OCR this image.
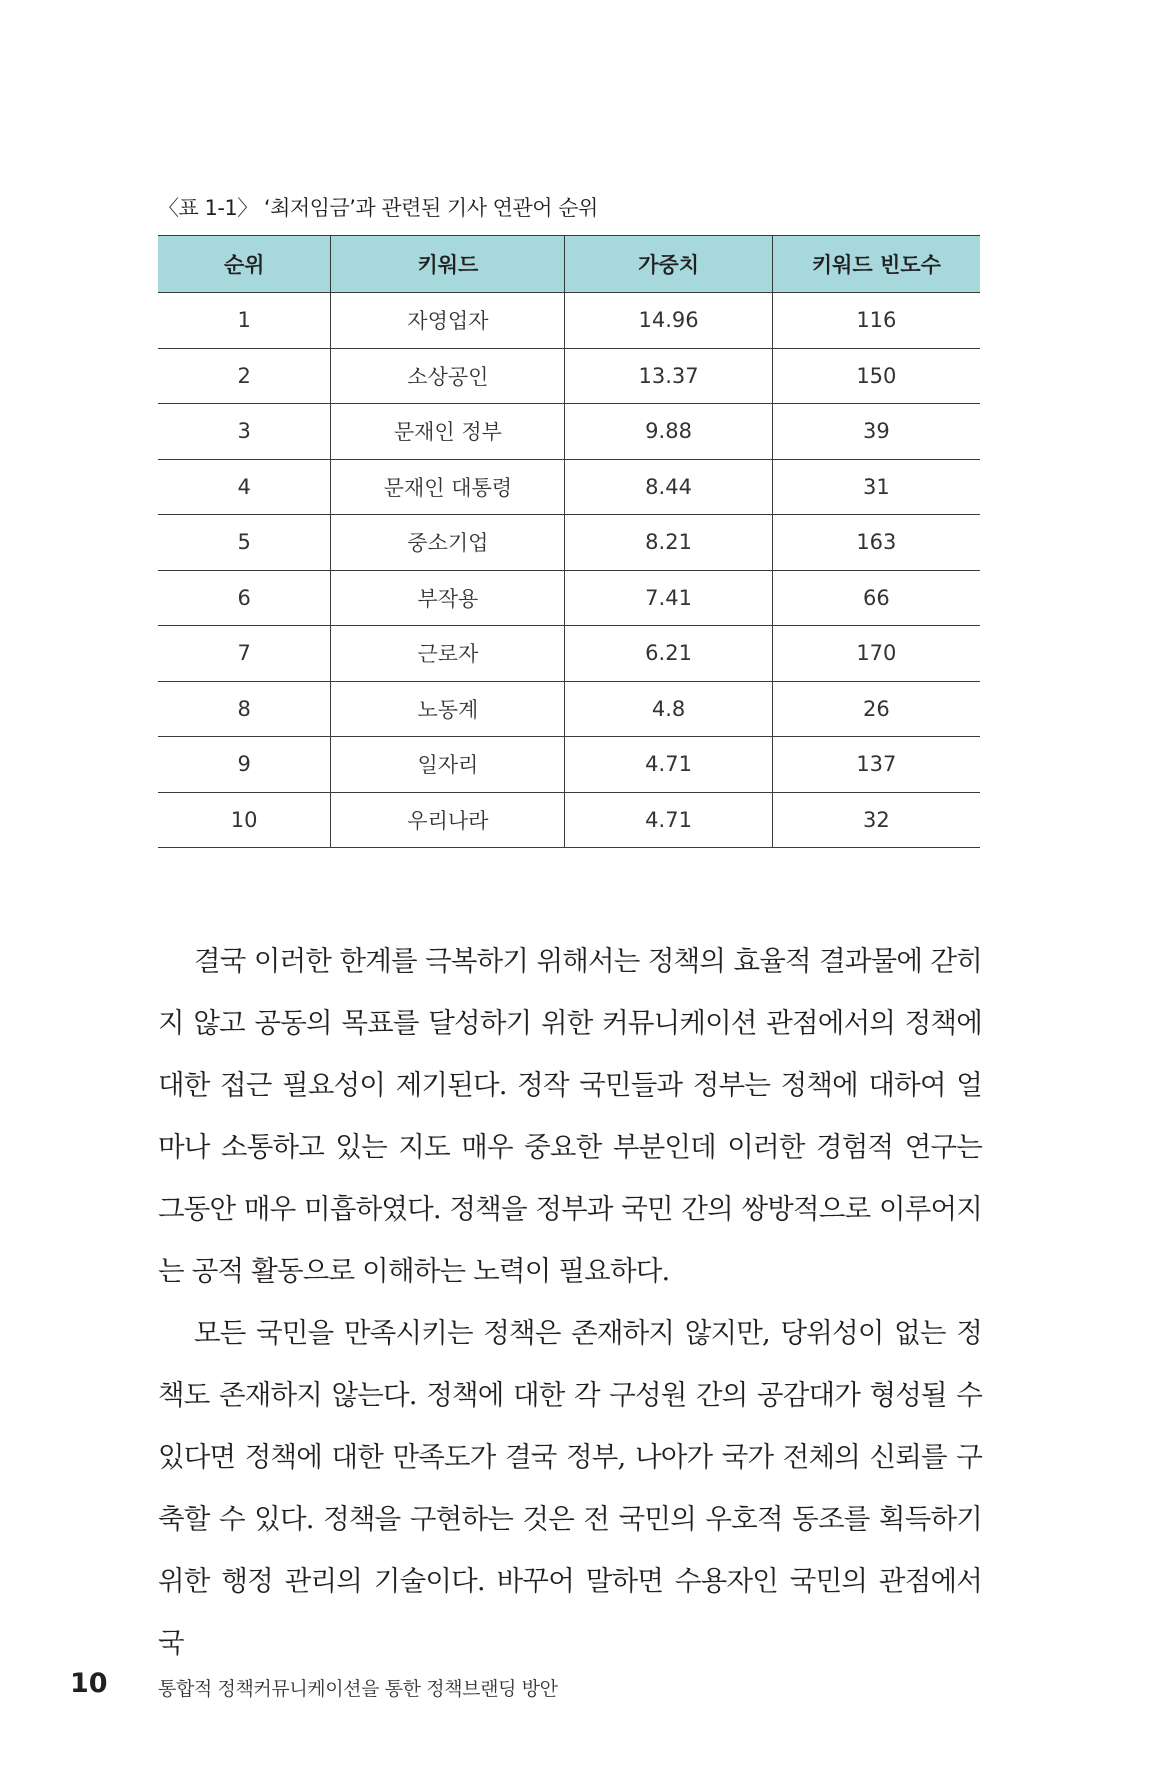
〈표 1-1〉 ‘최저임금’과 관련된 기사 연관어 순위
순위	키워드	가중치	키워드 빈도수
1	자영업자	14.96	116
2	소상공인	13.37	150
3	문재인 정부	9.88	39
4	문재인 대통령	8.44	31
5	중소기업	8.21	163
6	부작용	7.41	66
7	근로자	6.21	170
8	노동계	4.8	26
9	일자리	4.71	137
10	우리나라	4.71	32

결국 이러한 한계를 극복하기 위해서는 정책의 효율적 결과물에 갇히지 않고 공동의 목표를 달성하기 위한 커뮤니케이션 관점에서의 정책에 대한 접근 필요성이 제기된다. 정작 국민들과 정부는 정책에 대하여 얼마나 소통하고 있는 지도 매우 중요한 부분인데 이러한 경험적 연구는 그동안 매우 미흡하였다. 정책을 정부과 국민 간의 쌍방적으로 이루어지는 공적 활동으로 이해하는 노력이 필요하다.

모든 국민을 만족시키는 정책은 존재하지 않지만, 당위성이 없는 정책도 존재하지 않는다. 정책에 대한 각 구성원 간의 공감대가 형성될 수 있다면 정책에 대한 만족도가 결국 정부, 나아가 국가 전체의 신뢰를 구축할 수 있다. 정책을 구현하는 것은 전 국민의 우호적 동조를 획득하기 위한 행정 관리의 기술이다. 바꾸어 말하면 수용자인 국민의 관점에서 국

10	통합적 정책커뮤니케이션을 통한 정책브랜딩 방안
